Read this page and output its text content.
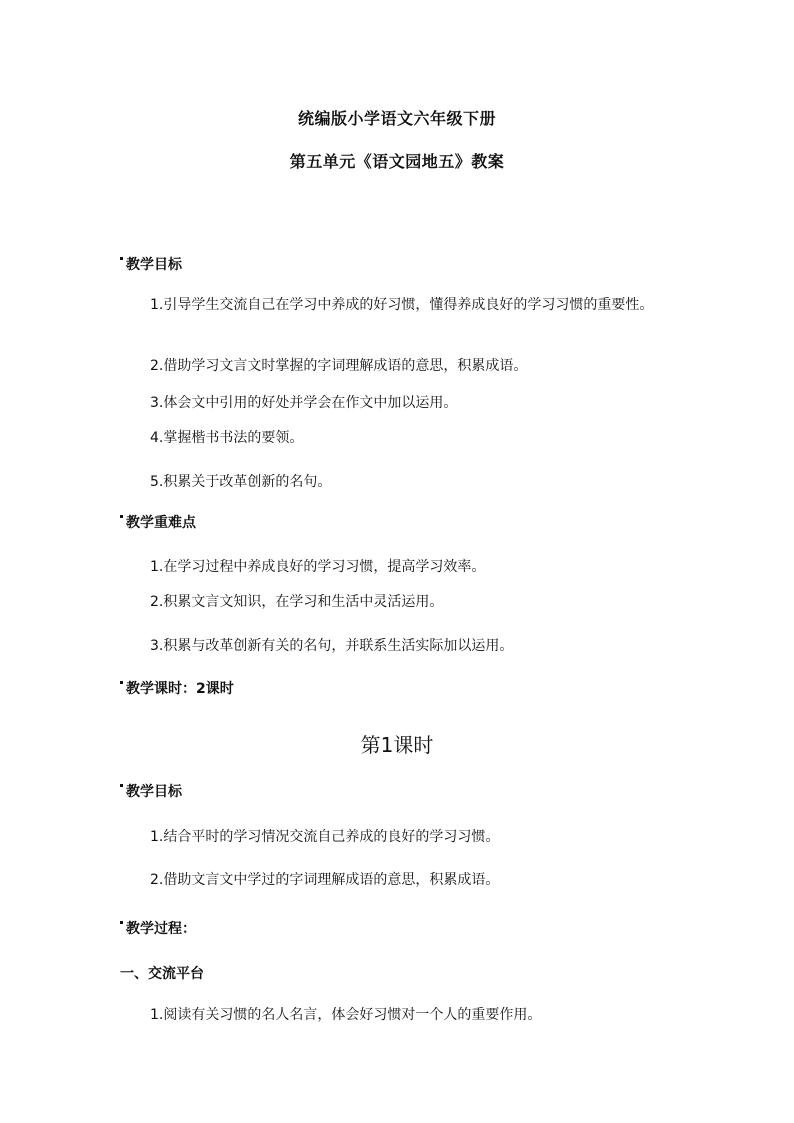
统编版小学语文六年级下册
第五单元《语文园地五》教案
教学目标
1.引导学生交流自己在学习中养成的好习惯，懂得养成良好的学习习惯的重要性。
2.借助学习文言文时掌握的字词理解成语的意思，积累成语。
3.体会文中引用的好处并学会在作文中加以运用。
4.掌握楷书书法的要领。
5.积累关于改革创新的名句。
教学重难点
1.在学习过程中养成良好的学习习惯，提高学习效率。
2.积累文言文知识，在学习和生活中灵活运用。
3.积累与改革创新有关的名句，并联系生活实际加以运用。
教学课时：2课时
第1课时
教学目标
1.结合平时的学习情况交流自己养成的良好的学习习惯。
2.借助文言文中学过的字词理解成语的意思，积累成语。
教学过程：
一、交流平台
1.阅读有关习惯的名人名言，体会好习惯对一个人的重要作用。
